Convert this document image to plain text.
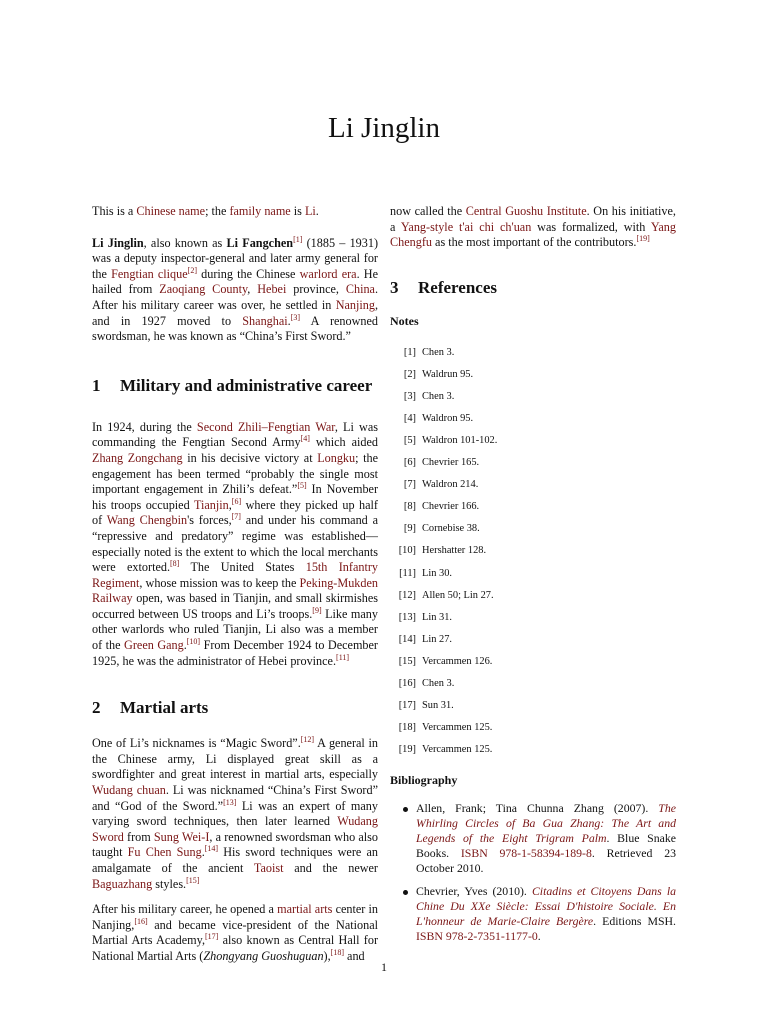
Li Jinglin

This is a Chinese name; the family name is Li.

Li Jinglin, also known as Li Fangchen[1] (1885 – 1931) was a deputy inspector-general and later army general for the Fengtian clique[2] during the Chinese warlord era. He hailed from Zaoqiang County, Hebei province, China. After his military career was over, he settled in Nanjing, and in 1927 moved to Shanghai.[3] A renowned swordsman, he was known as “China’s First Sword.”

1	Military and administrative career

In 1924, during the Second Zhili–Fengtian War, Li was commanding the Fengtian Second Army[4] which aided Zhang Zongchang in his decisive victory at Longku; the engagement has been termed “probably the single most important engagement in Zhili’s defeat.”[5] In November his troops occupied Tianjin,[6] where they picked up half of Wang Chengbin's forces,[7] and under his command a “repressive and predatory” regime was established—especially noted is the extent to which the local merchants were extorted.[8] The United States 15th Infantry Regiment, whose mission was to keep the Peking-Mukden Railway open, was based in Tianjin, and small skirmishes occurred between US troops and Li’s troops.[9] Like many other warlords who ruled Tianjin, Li also was a member of the Green Gang.[10] From December 1924 to December 1925, he was the administrator of Hebei province.[11]

2	Martial arts

One of Li’s nicknames is “Magic Sword”.[12] A general in the Chinese army, Li displayed great skill as a swordfighter and great interest in martial arts, especially Wudang chuan. Li was nicknamed “China’s First Sword” and “God of the Sword.”[13] Li was an expert of many varying sword techniques, then later learned Wudang Sword from Sung Wei-I, a renowned swordsman who also taught Fu Chen Sung.[14] His sword techniques were an amalgamate of the ancient Taoist and the newer Baguazhang styles.[15]

After his military career, he opened a martial arts center in Nanjing,[16] and became vice-president of the National Martial Arts Academy,[17] also known as Central Hall for National Martial Arts (Zhongyang Guoshuguan),[18] and

now called the Central Guoshu Institute. On his initiative, a Yang-style t'ai chi ch'uan was formalized, with Yang Chengfu as the most important of the contributors.[19]

3	References
Notes
[1] Chen 3.
[2] Waldrun 95.
[3] Chen 3.
[4] Waldron 95.
[5] Waldron 101-102.
[6] Chevrier 165.
[7] Waldron 214.
[8] Chevrier 166.
[9] Cornebise 38.
[10] Hershatter 128.
[11] Lin 30.
[12] Allen 50; Lin 27.
[13] Lin 31.
[14] Lin 27.
[15] Vercammen 126.
[16] Chen 3.
[17] Sun 31.
[18] Vercammen 125.
[19] Vercammen 125.
Bibliography
Allen, Frank; Tina Chunna Zhang (2007). The Whirling Circles of Ba Gua Zhang: The Art and Legends of the Eight Trigram Palm. Blue Snake Books. ISBN 978-1-58394-189-8. Retrieved 23 October 2010.
Chevrier, Yves (2010). Citadins et Citoyens Dans la Chine Du XXe Siècle: Essai D'histoire Sociale. En L'honneur de Marie-Claire Bergère. Editions MSH. ISBN 978-2-7351-1177-0.
1
